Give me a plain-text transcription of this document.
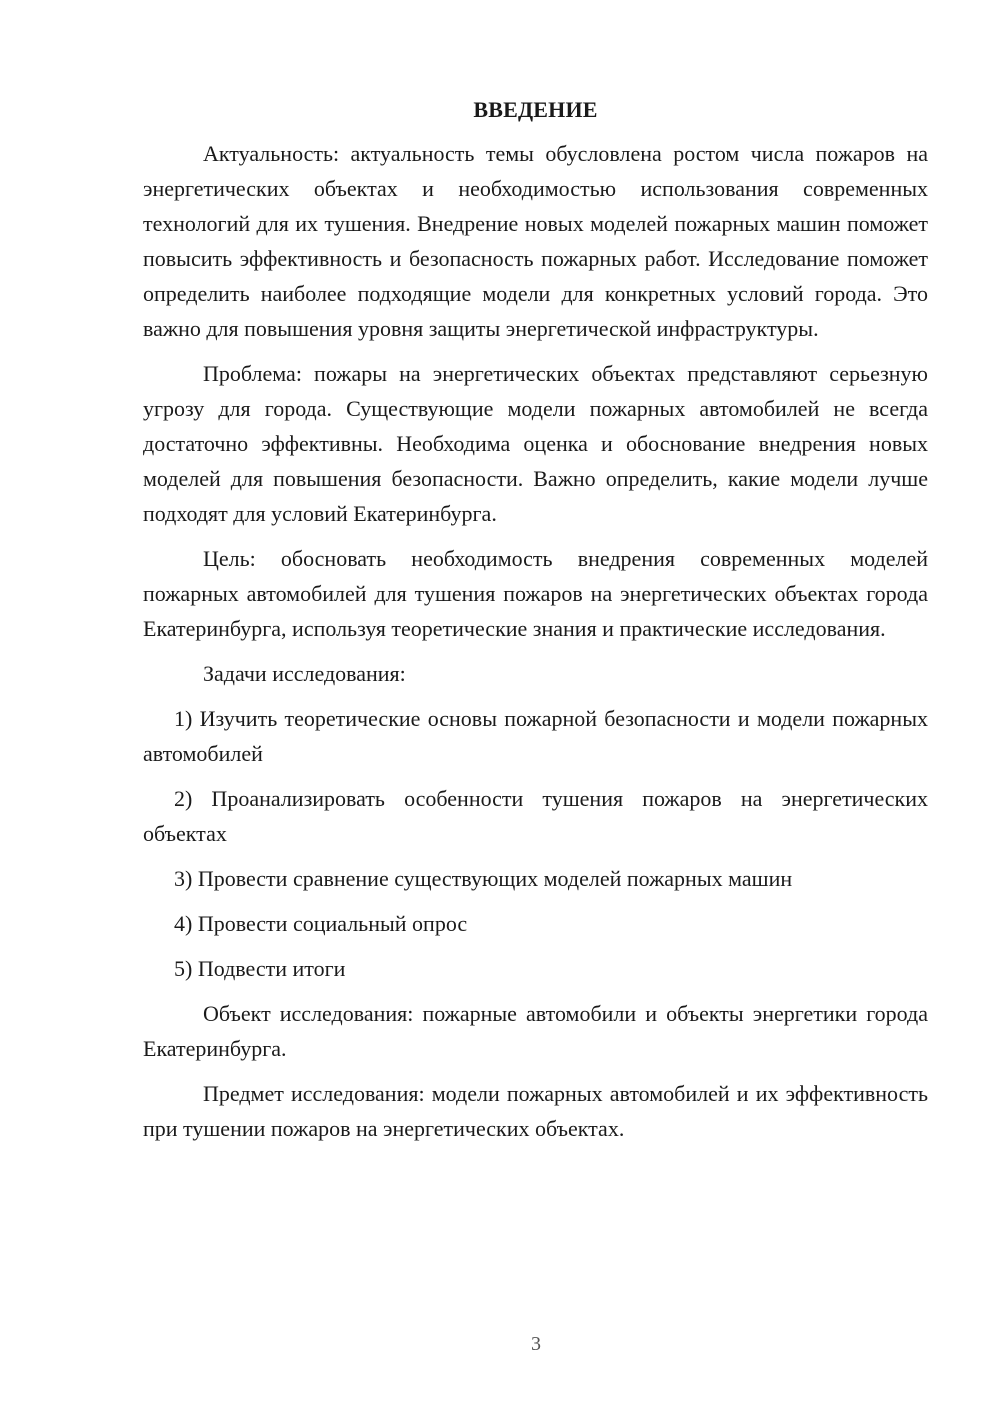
ВВЕДЕНИЕ

Актуальность: актуальность темы обусловлена ростом числа пожаров на энергетических объектах и необходимостью использования современных технологий для их тушения. Внедрение новых моделей пожарных машин поможет повысить эффективность и безопасность пожарных работ. Исследование поможет определить наиболее подходящие модели для конкретных условий города. Это важно для повышения уровня защиты энергетической инфраструктуры.

Проблема: пожары на энергетических объектах представляют серьезную угрозу для города. Существующие модели пожарных автомобилей не всегда достаточно эффективны. Необходима оценка и обоснование внедрения новых моделей для повышения безопасности. Важно определить, какие модели лучше подходят для условий Екатеринбурга.

Цель: обосновать необходимость внедрения современных моделей пожарных автомобилей для тушения пожаров на энергетических объектах города Екатеринбурга, используя теоретические знания и практические исследования.

Задачи исследования:

1) Изучить теоретические основы пожарной безопасности и модели пожарных автомобилей

2) Проанализировать особенности тушения пожаров на энергетических объектах

3) Провести сравнение существующих моделей пожарных машин

4) Провести социальный опрос

5) Подвести итоги

Объект исследования: пожарные автомобили и объекты энергетики города Екатеринбурга.

Предмет исследования: модели пожарных автомобилей и их эффективность при тушении пожаров на энергетических объектах.

3
